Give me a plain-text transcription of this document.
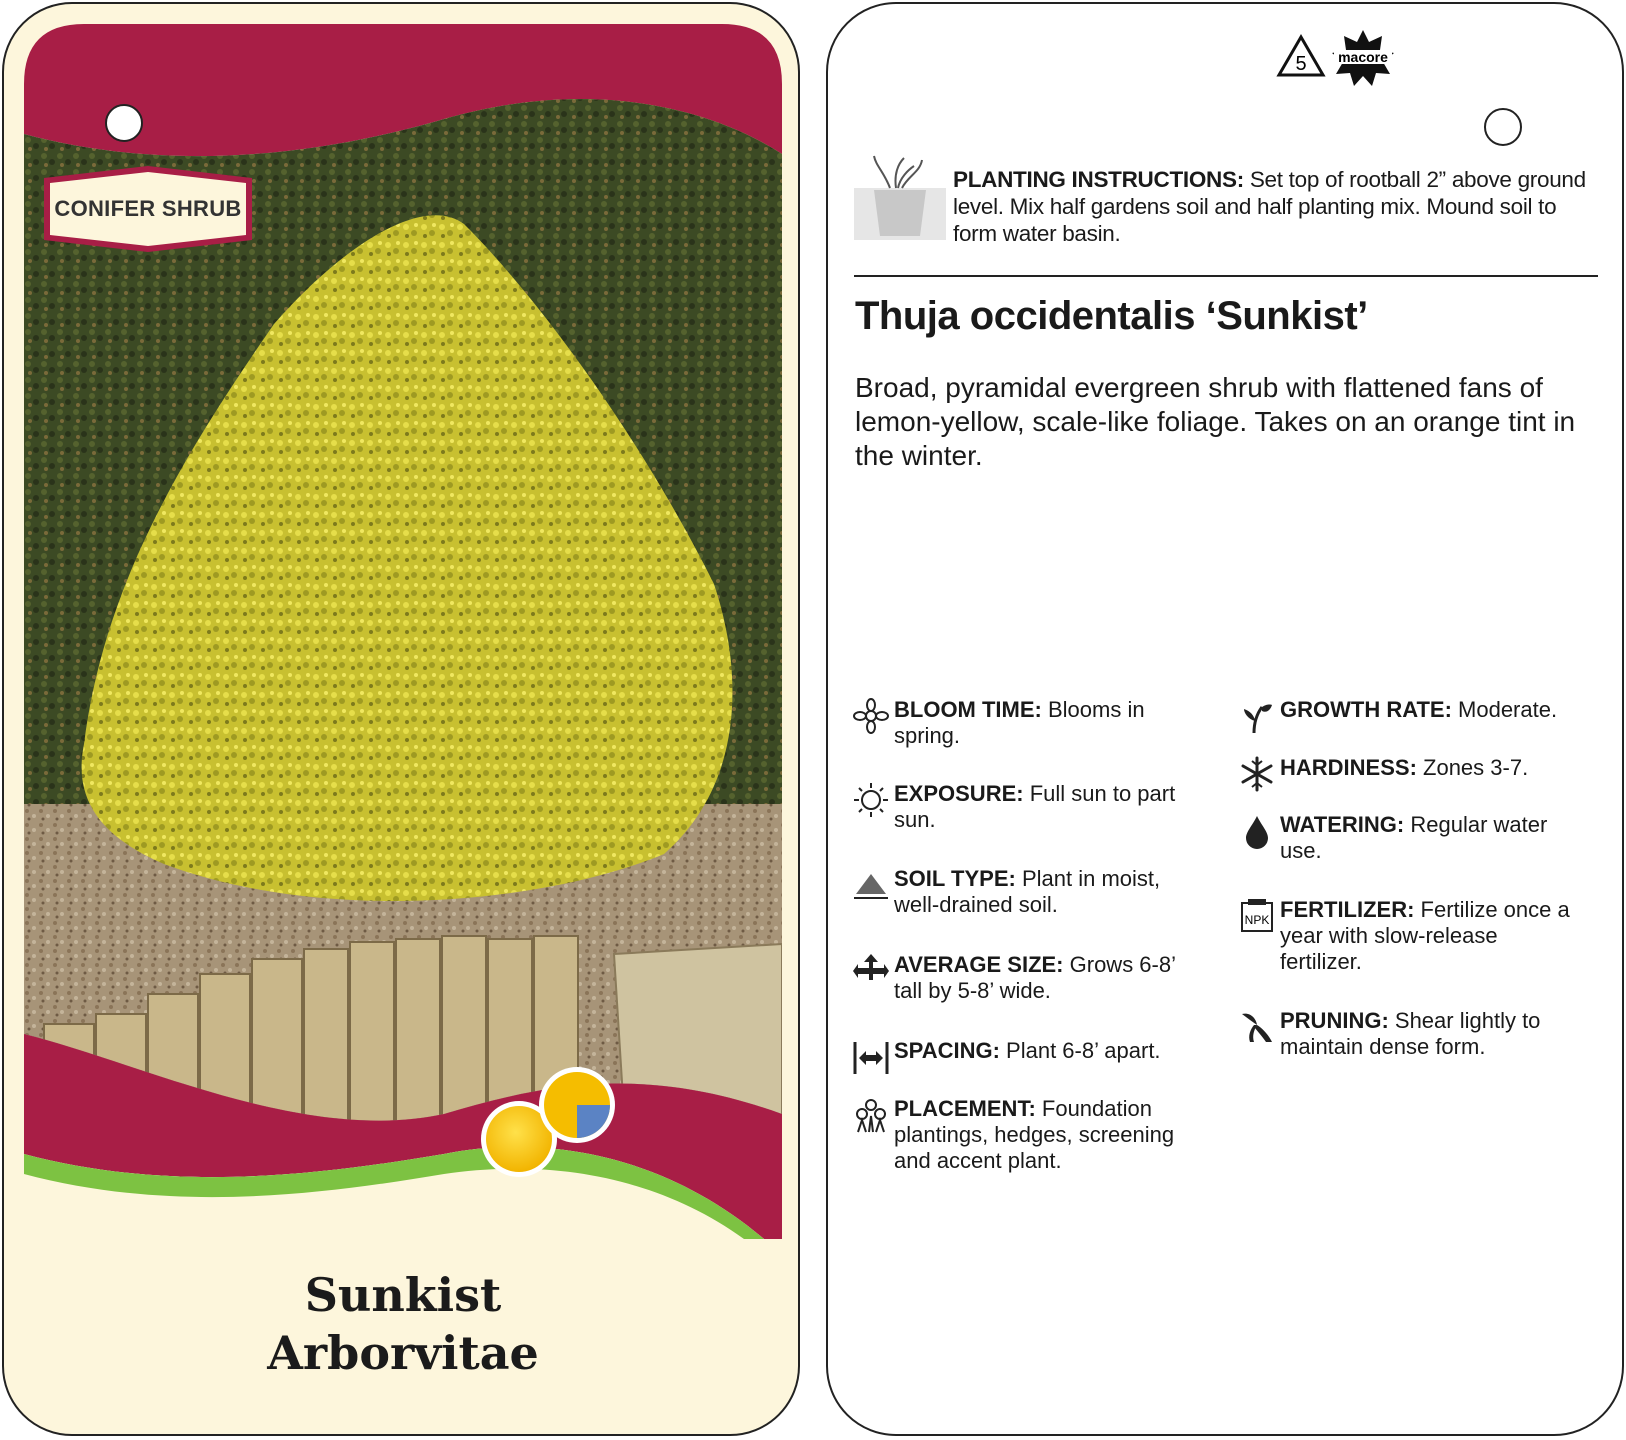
CONIFER SHRUB
Sunkist
Arborvitae
5 macore
PLANTING INSTRUCTIONS: Set top of rootball 2” above ground level. Mix half gardens soil and half planting mix. Mound soil to form water basin.
Thuja occidentalis ‘Sunkist’
Broad, pyramidal evergreen shrub with flattened fans of lemon-yellow, scale-like foliage. Takes on an orange tint in the winter.
BLOOM TIME: Blooms in spring.
EXPOSURE: Full sun to part sun.
SOIL TYPE: Plant in moist, well-drained soil.
AVERAGE SIZE: Grows 6-8’ tall by 5-8’ wide.
SPACING: Plant 6-8’ apart.
PLACEMENT: Foundation plantings, hedges, screening and accent plant.
GROWTH RATE: Moderate.
HARDINESS: Zones 3-7.
WATERING: Regular water use.
NPK FERTILIZER: Fertilize once a year with slow-release fertilizer.
PRUNING: Shear lightly to maintain dense form.
